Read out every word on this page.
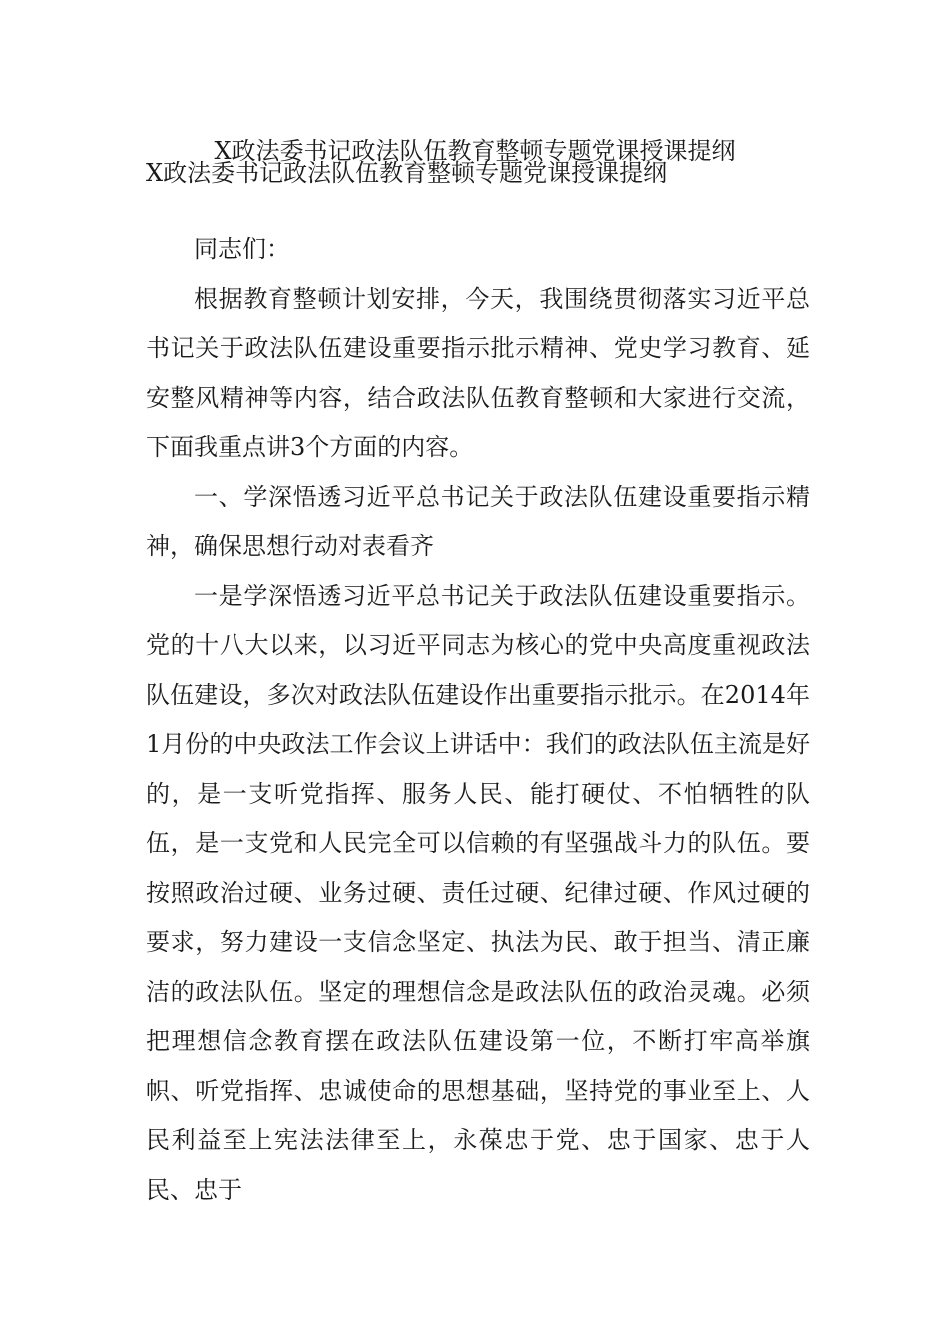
X政法委书记政法队伍教育整顿专题党课授课提纲
X政法委书记政法队伍教育整顿专题党课授课提纲

同志们：

根据教育整顿计划安排，今天，我围绕贯彻落实习近平总书记关于政法队伍建设重要指示批示精神、党史学习教育、延安整风精神等内容，结合政法队伍教育整顿和大家进行交流，下面我重点讲3个方面的内容。

一、学深悟透习近平总书记关于政法队伍建设重要指示精神，确保思想行动对表看齐

一是学深悟透习近平总书记关于政法队伍建设重要指示。党的十八大以来，以习近平同志为核心的党中央高度重视政法队伍建设，多次对政法队伍建设作出重要指示批示。在2014年1月份的中央政法工作会议上讲话中：我们的政法队伍主流是好的，是一支听党指挥、服务人民、能打硬仗、不怕牺牲的队伍，是一支党和人民完全可以信赖的有坚强战斗力的队伍。要按照政治过硬、业务过硬、责任过硬、纪律过硬、作风过硬的要求，努力建设一支信念坚定、执法为民、敢于担当、清正廉洁的政法队伍。坚定的理想信念是政法队伍的政治灵魂。必须把理想信念教育摆在政法队伍建设第一位，不断打牢高举旗帜、听党指挥、忠诚使命的思想基础，坚持党的事业至上、人民利益至上宪法法律至上，永葆忠于党、忠于国家、忠于人民、忠于
